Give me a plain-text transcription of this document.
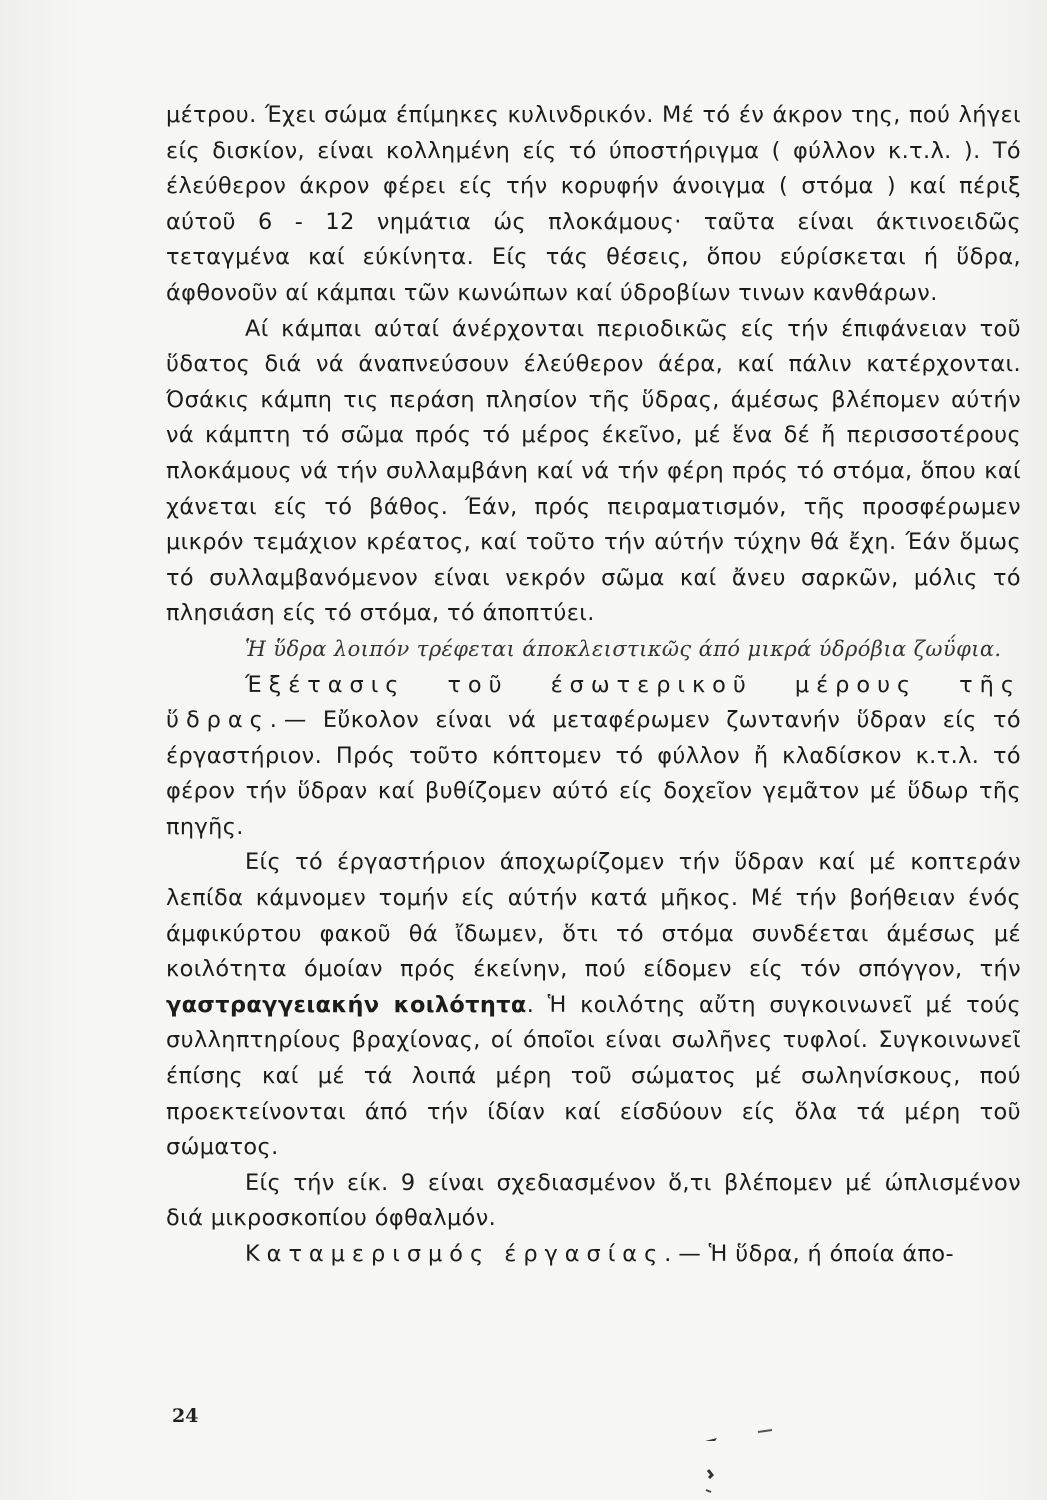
μέτρου. Έχει σώμα έπίμηκες κυλινδρικόν. Μέ τό έν άκρον της, πού λήγει είς δισκίον, είναι κολλημένη είς τό ύποστήριγμα ( φύλλον κ.τ.λ. ). Τό έλεύθερον άκρον φέρει είς τήν κορυφήν άνοιγμα ( στόμα ) καί πέριξ αύτοῦ 6 - 12 νημάτια ώς πλοκάμους· ταῦτα είναι άκτινοειδῶς τεταγμένα καί εύκίνητα. Είς τάς θέσεις, ὅπου εύρίσκεται ή ὕδρα, άφθονοῦν αί κάμπαι τῶν κωνώπων καί ύδροβίων τινων κανθάρων.

Αί κάμπαι αύταί άνέρχονται περιοδικῶς είς τήν έπιφάνειαν τοῦ ὕδατος διά νά άναπνεύσουν έλεύθερον άέρα, καί πάλιν κατέρχονται. Όσάκις κάμπη τις περάση πλησίον τῆς ὕδρας, άμέσως βλέπομεν αύτήν νά κάμπτη τό σῶμα πρός τό μέρος έκεῖνο, μέ ἕνα δέ ἤ περισσοτέρους πλοκάμους νά τήν συλλαμβάνη καί νά τήν φέρη πρός τό στόμα, ὅπου καί χάνεται είς τό βάθος. Έάν, πρός πειραματισμόν, τῆς προσφέρωμεν μικρόν τεμάχιον κρέατος, καί τοῦτο τήν αύτήν τύχην θά ἔχη. Έάν ὅμως τό συλλαμβανόμενον είναι νεκρόν σῶμα καί ἄνευ σαρκῶν, μόλις τό πλησιάση είς τό στόμα, τό άποπτύει.

Ἡ ὕδρα λοιπόν τρέφεται άποκλειστικῶς άπό μικρά ύδρόβια ζωΰφια.

Έξέτασις τοῦ έσωτερικοῦ μέρους τῆς ὕδρας.— Εὔκολον είναι νά μεταφέρωμεν ζωντανήν ὕδραν είς τό έργαστήριον. Πρός τοῦτο κόπτομεν τό φύλλον ἤ κλαδίσκον κ.τ.λ. τό φέρον τήν ὕδραν καί βυθίζομεν αύτό είς δοχεῖον γεμᾶτον μέ ὕδωρ τῆς πηγῆς.

Είς τό έργαστήριον άποχωρίζομεν τήν ὕδραν καί μέ κοπτεράν λεπίδα κάμνομεν τομήν είς αύτήν κατά μῆκος. Μέ τήν βοήθειαν ένός άμφικύρτου φακοῦ θά ἴδωμεν, ὅτι τό στόμα συνδέεται άμέσως μέ κοιλότητα όμοίαν πρός έκείνην, πού είδομεν είς τόν σπόγγον, τήν γαστραγγειακήν κοιλότητα. Ἡ κοιλότης αὔτη συγκοινωνεῖ μέ τούς συλληπτηρίους βραχίονας, οί όποῖοι είναι σωλῆνες τυφλοί. Συγκοινωνεῖ έπίσης καί μέ τά λοιπά μέρη τοῦ σώματος μέ σωληνίσκους, πού προεκτείνονται άπό τήν ίδίαν καί είσδύουν είς ὅλα τά μέρη τοῦ σώματος.

Είς τήν είκ. 9 είναι σχεδιασμένον ὅ,τι βλέπομεν μέ ώπλισμένον διά μικροσκοπίου όφθαλμόν.

Καταμερισμός έργασίας.— Ἡ ὕδρα, ή όποία άπο-

24
